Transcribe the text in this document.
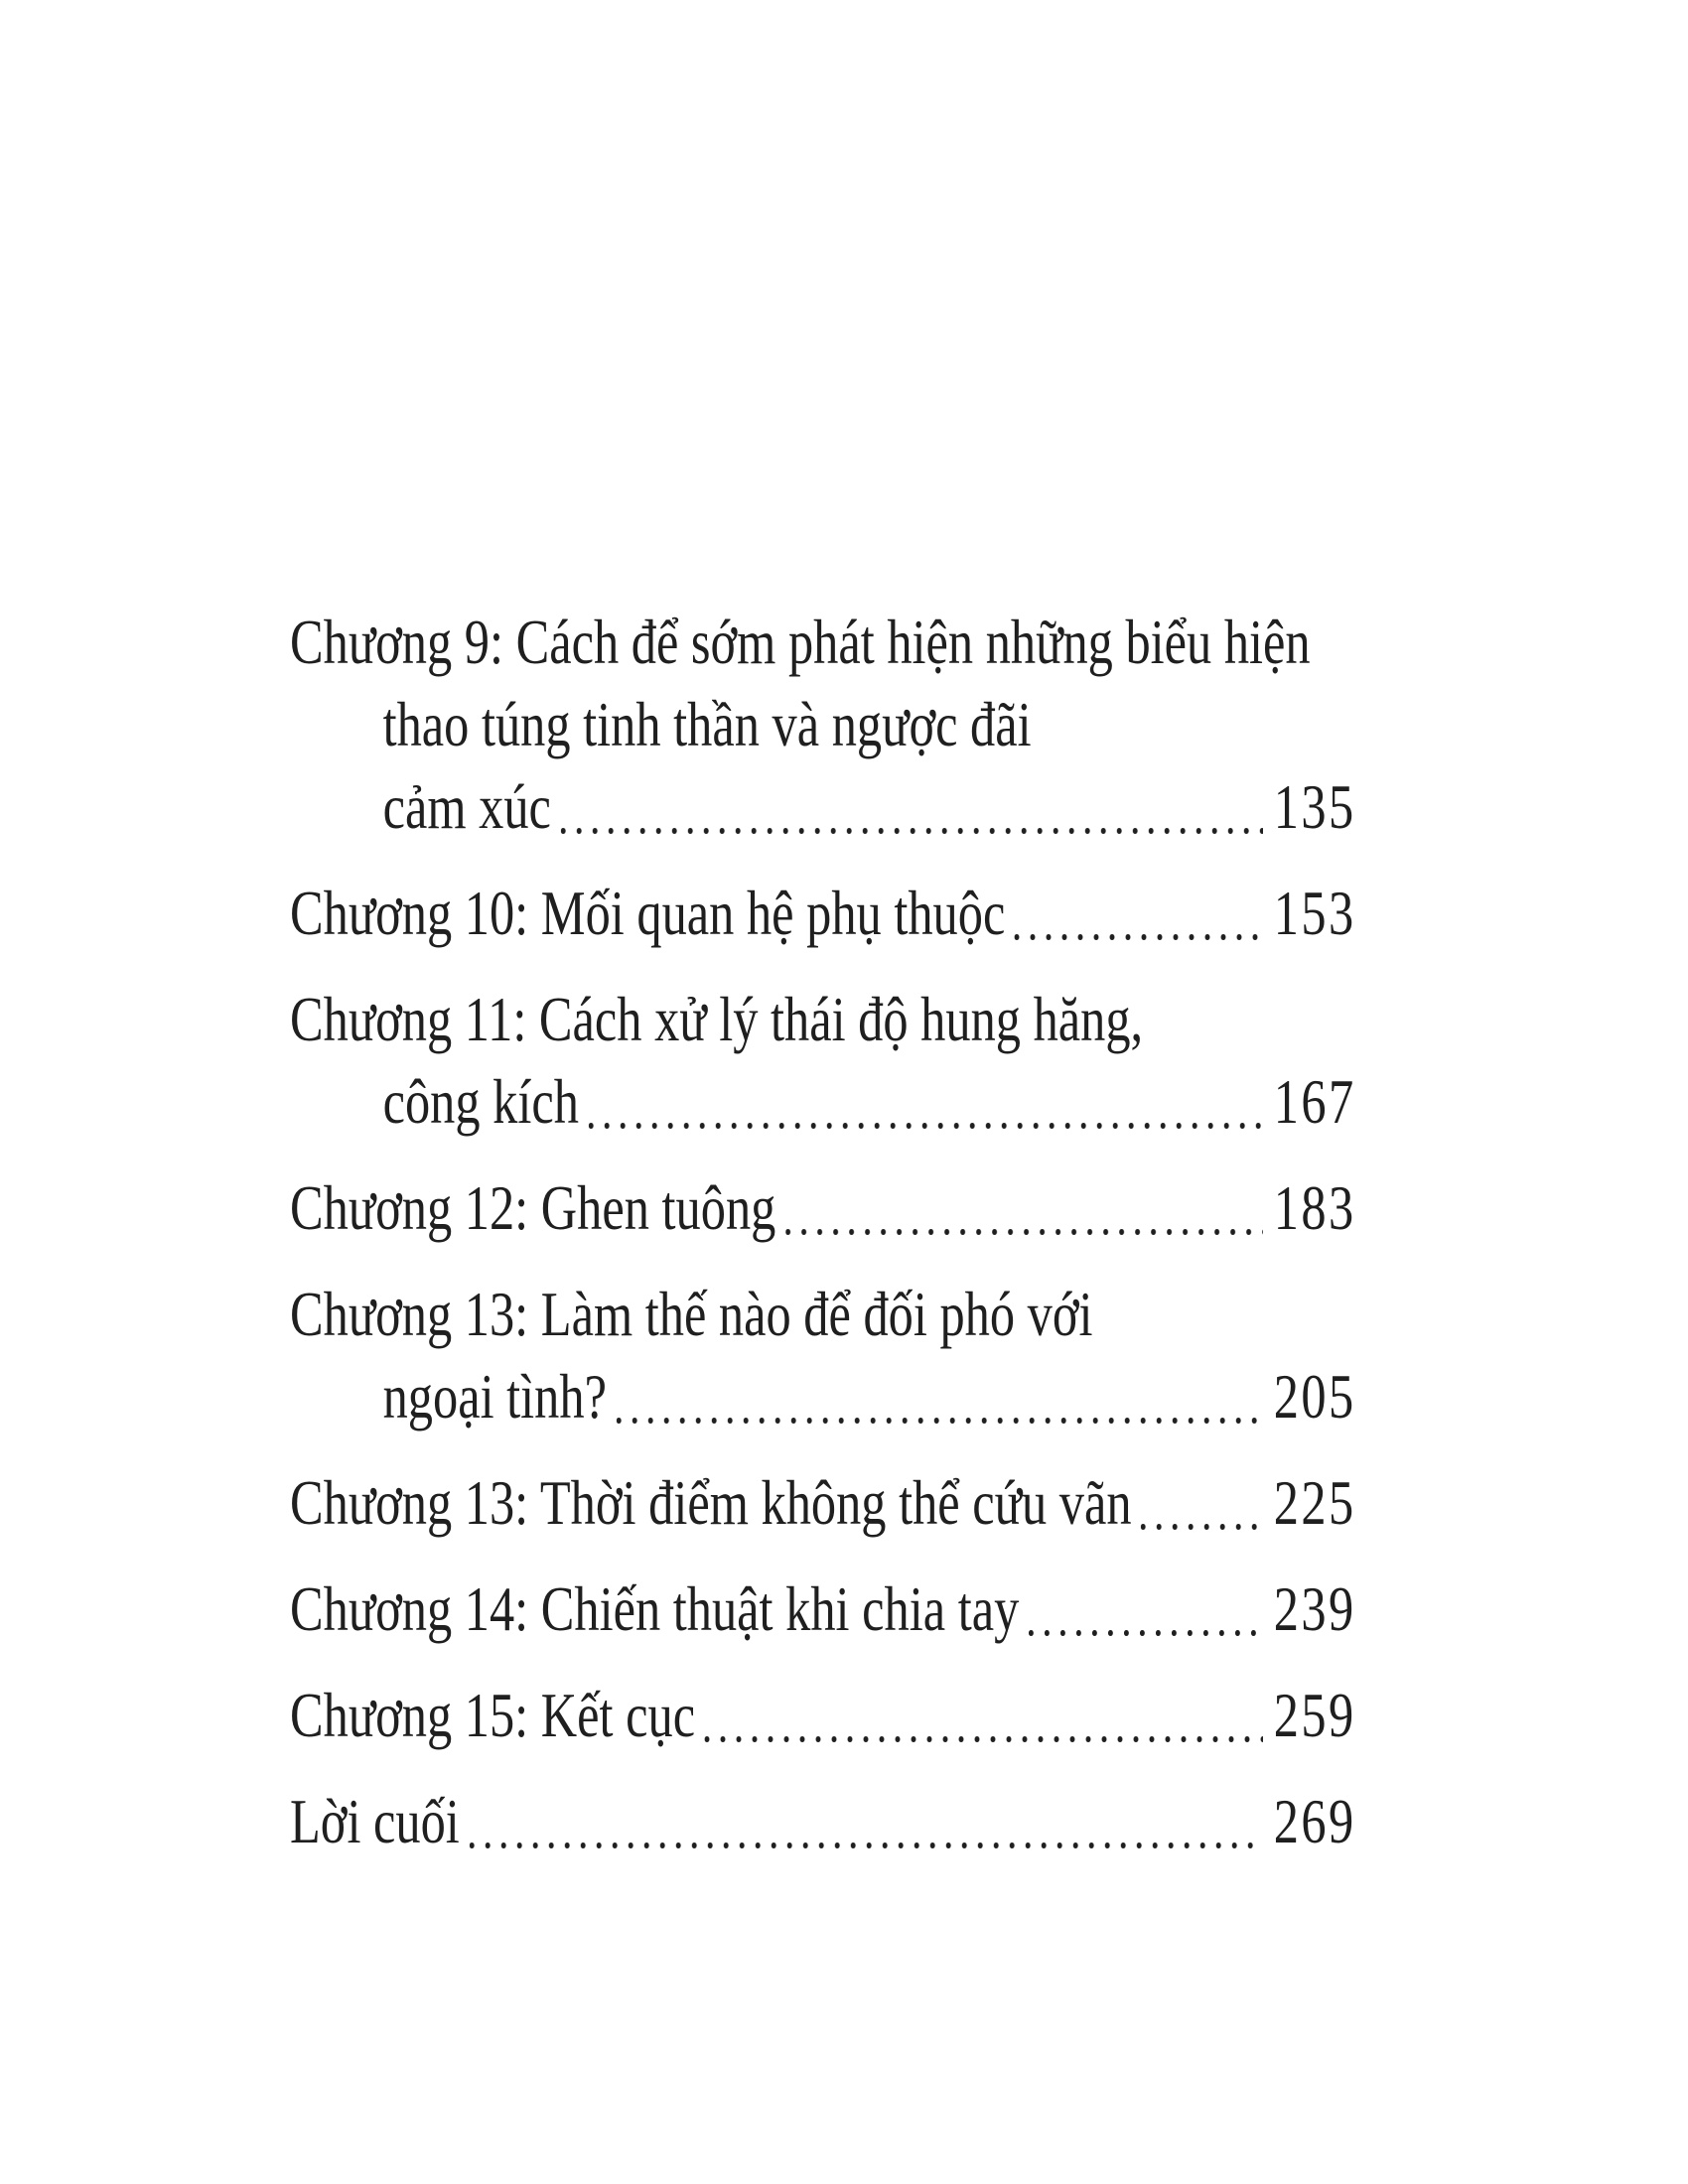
Chương 9: Cách để sớm phát hiện những biểu hiện
thao túng tinh thần và ngược đãi
cảm xúc	135
Chương 10: Mối quan hệ phụ thuộc	153
Chương 11: Cách xử lý thái độ hung hăng,
công kích	167
Chương 12: Ghen tuông	183
Chương 13: Làm thế nào để đối phó với
ngoại tình?	205
Chương 13: Thời điểm không thể cứu vãn 225
Chương 14: Chiến thuật khi chia tay	239
Chương 15: Kết cục	259
Lời cuối	269
